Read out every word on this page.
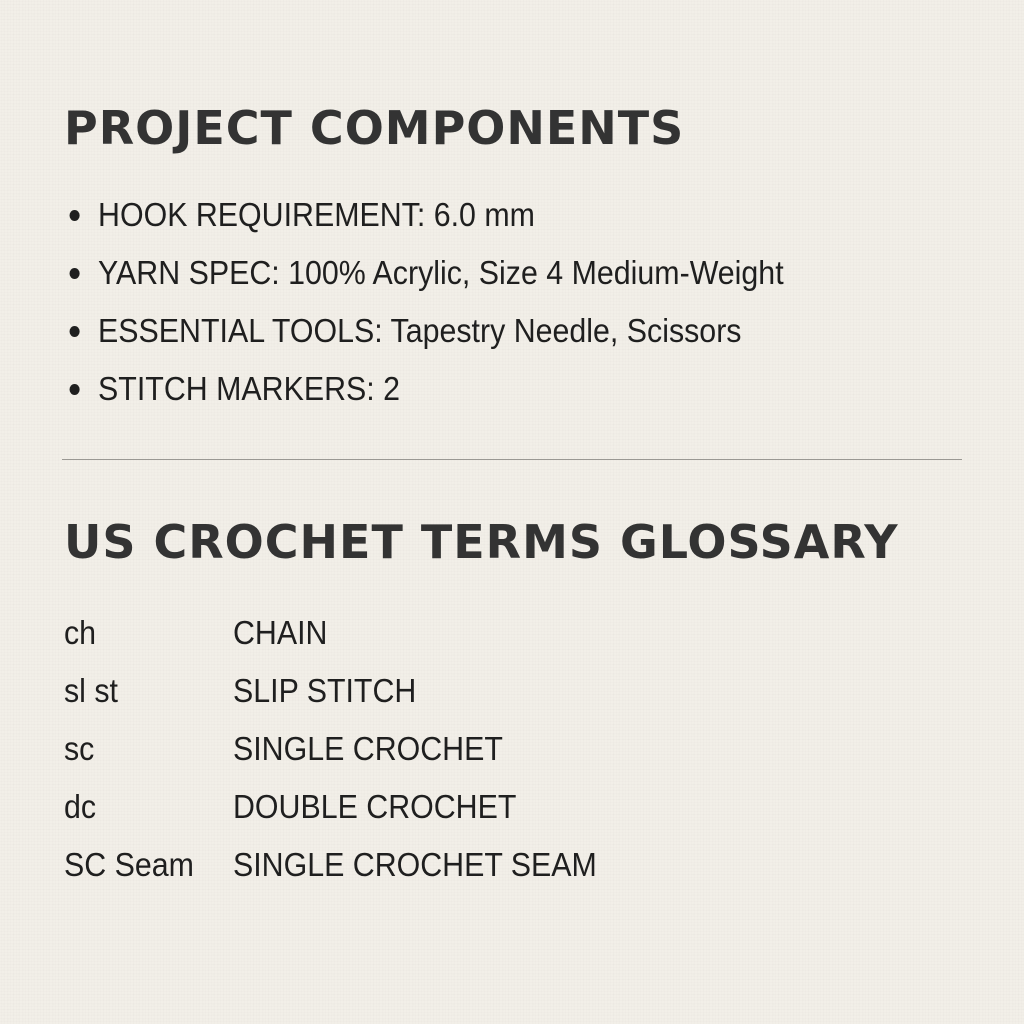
PROJECT COMPONENTS
HOOK REQUIREMENT: 6.0 mm
YARN SPEC: 100% Acrylic, Size 4 Medium-Weight
ESSENTIAL TOOLS: Tapestry Needle, Scissors
STITCH MARKERS: 2
US CROCHET TERMS GLOSSARY
ch	CHAIN
sl st	SLIP STITCH
sc	SINGLE CROCHET
dc	DOUBLE CROCHET
SC Seam	SINGLE CROCHET SEAM
